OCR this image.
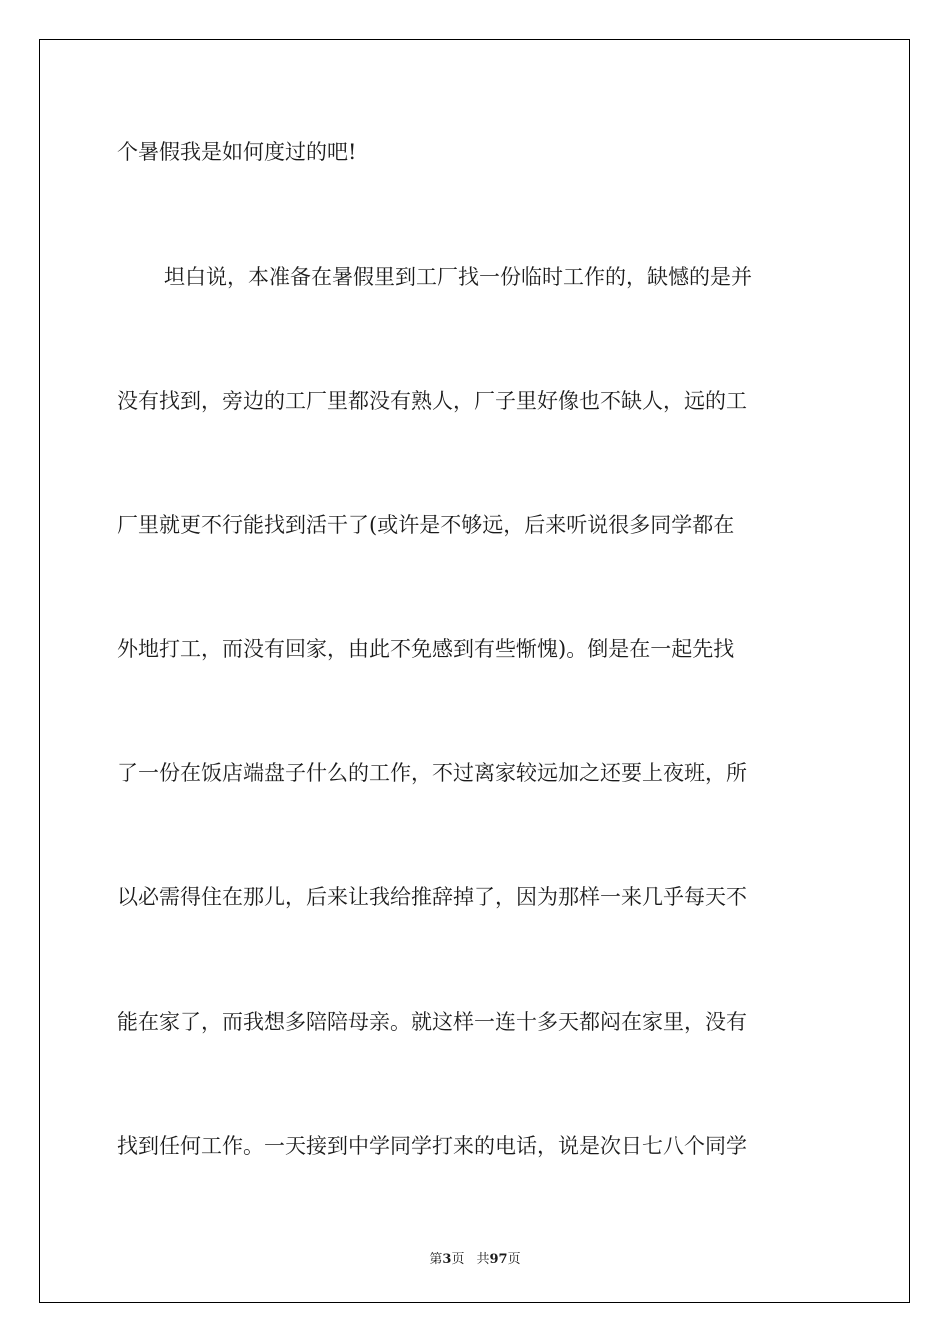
个暑假我是如何度过的吧!
坦白说，本准备在暑假里到工厂找一份临时工作的，缺憾的是并
没有找到，旁边的工厂里都没有熟人，厂子里好像也不缺人，远的工
厂里就更不行能找到活干了(或许是不够远，后来听说很多同学都在
外地打工，而没有回家，由此不免感到有些惭愧)。倒是在一起先找
了一份在饭店端盘子什么的工作，不过离家较远加之还要上夜班，所
以必需得住在那儿，后来让我给推辞掉了，因为那样一来几乎每天不
能在家了，而我想多陪陪母亲。就这样一连十多天都闷在家里，没有
找到任何工作。一天接到中学同学打来的电话，说是次日七八个同学
第3页 共97页
